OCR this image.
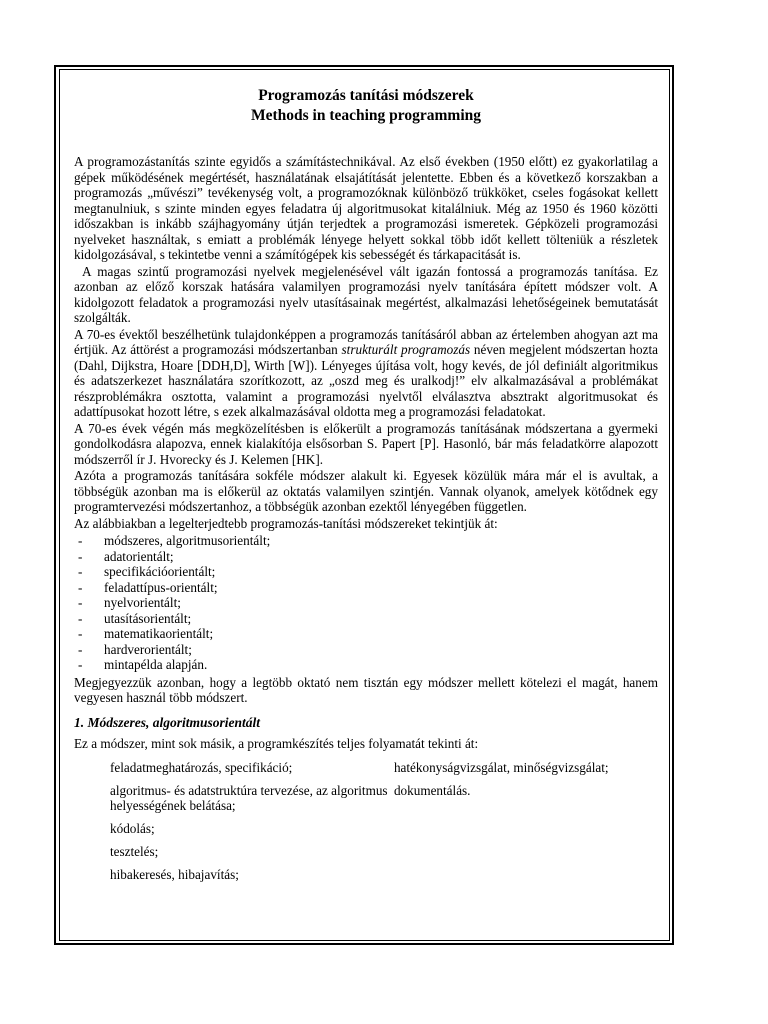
Programozás tanítási módszerek
Methods in teaching programming

A programozástanítás szinte egyidős a számítástechnikával. Az első években (1950 előtt) ez gyakorlatilag a gépek működésének megértését, használatának elsajátítását jelentette. Ebben és a következő korszakban a programozás „művészi” tevékenység volt, a programozóknak különböző trükköket, cseles fogásokat kellett megtanulniuk, s szinte minden egyes feladatra új algoritmusokat kitalálniuk. Még az 1950 és 1960 közötti időszakban is inkább szájhagyomány útján terjedtek a programozási ismeretek. Gépközeli programozási nyelveket használtak, s emiatt a problémák lényege helyett sokkal több időt kellett tölteniük a részletek kidolgozásával, s tekintetbe venni a számítógépek kis sebességét és tárkapacitását is.

A magas szintű programozási nyelvek megjelenésével vált igazán fontossá a programozás tanítása. Ez azonban az előző korszak hatására valamilyen programozási nyelv tanítására épített módszer volt. A kidolgozott feladatok a programozási nyelv utasításainak megértést, alkalmazási lehetőségeinek bemutatását szolgálták.

A 70-es évektől beszélhetünk tulajdonképpen a programozás tanításáról abban az értelemben ahogyan azt ma értjük. Az áttörést a programozási módszertanban strukturált programozás néven megjelent módszertan hozta (Dahl, Dijkstra, Hoare [DDH,D], Wirth [W]). Lényeges újítása volt, hogy kevés, de jól definiált algoritmikus és adatszerkezet használatára szorítkozott, az „oszd meg és uralkodj!” elv alkalmazásával a problémákat részproblémákra osztotta, valamint a programozási nyelvtől elválasztva absztrakt algoritmusokat és adattípusokat hozott létre, s ezek alkalmazásával oldotta meg a programozási feladatokat.

A 70-es évek végén más megközelítésben is előkerült a programozás tanításának módszertana a gyermeki gondolkodásra alapozva, ennek kialakítója elsősorban S. Papert [P]. Hasonló, bár más feladatkörre alapozott módszerről ír J. Hvorecky és J. Kelemen [HK].

Azóta a programozás tanítására sokféle módszer alakult ki. Egyesek közülük mára már el is avultak, a többségük azonban ma is előkerül az oktatás valamilyen szintjén. Vannak olyanok, amelyek kötődnek egy programtervezési módszertanhoz, a többségük azonban ezektől lényegében független.

Az alábbiakban a legelterjedtebb programozás-tanítási módszereket tekintjük át:

- módszeres, algoritmusorientált;
- adatorientált;
- specifikációorientált;
- feladattípus-orientált;
- nyelvorientált;
- utasításorientált;
- matematikaorientált;
- hardverorientált;
- mintapélda alapján.

Megjegyezzük azonban, hogy a legtöbb oktató nem tisztán egy módszer mellett kötelezi el magát, hanem vegyesen használ több módszert.

1. Módszeres, algoritmusorientált

Ez a módszer, mint sok másik, a programkészítés teljes folyamatát tekinti át:

feladatmeghatározás, specifikáció;
algoritmus- és adatstruktúra tervezése, az algoritmus helyességének belátása;
kódolás;
tesztelés;
hibakeresés, hibajavítás;
hatékonyságvizsgálat, minőségvizsgálat;
dokumentálás.
